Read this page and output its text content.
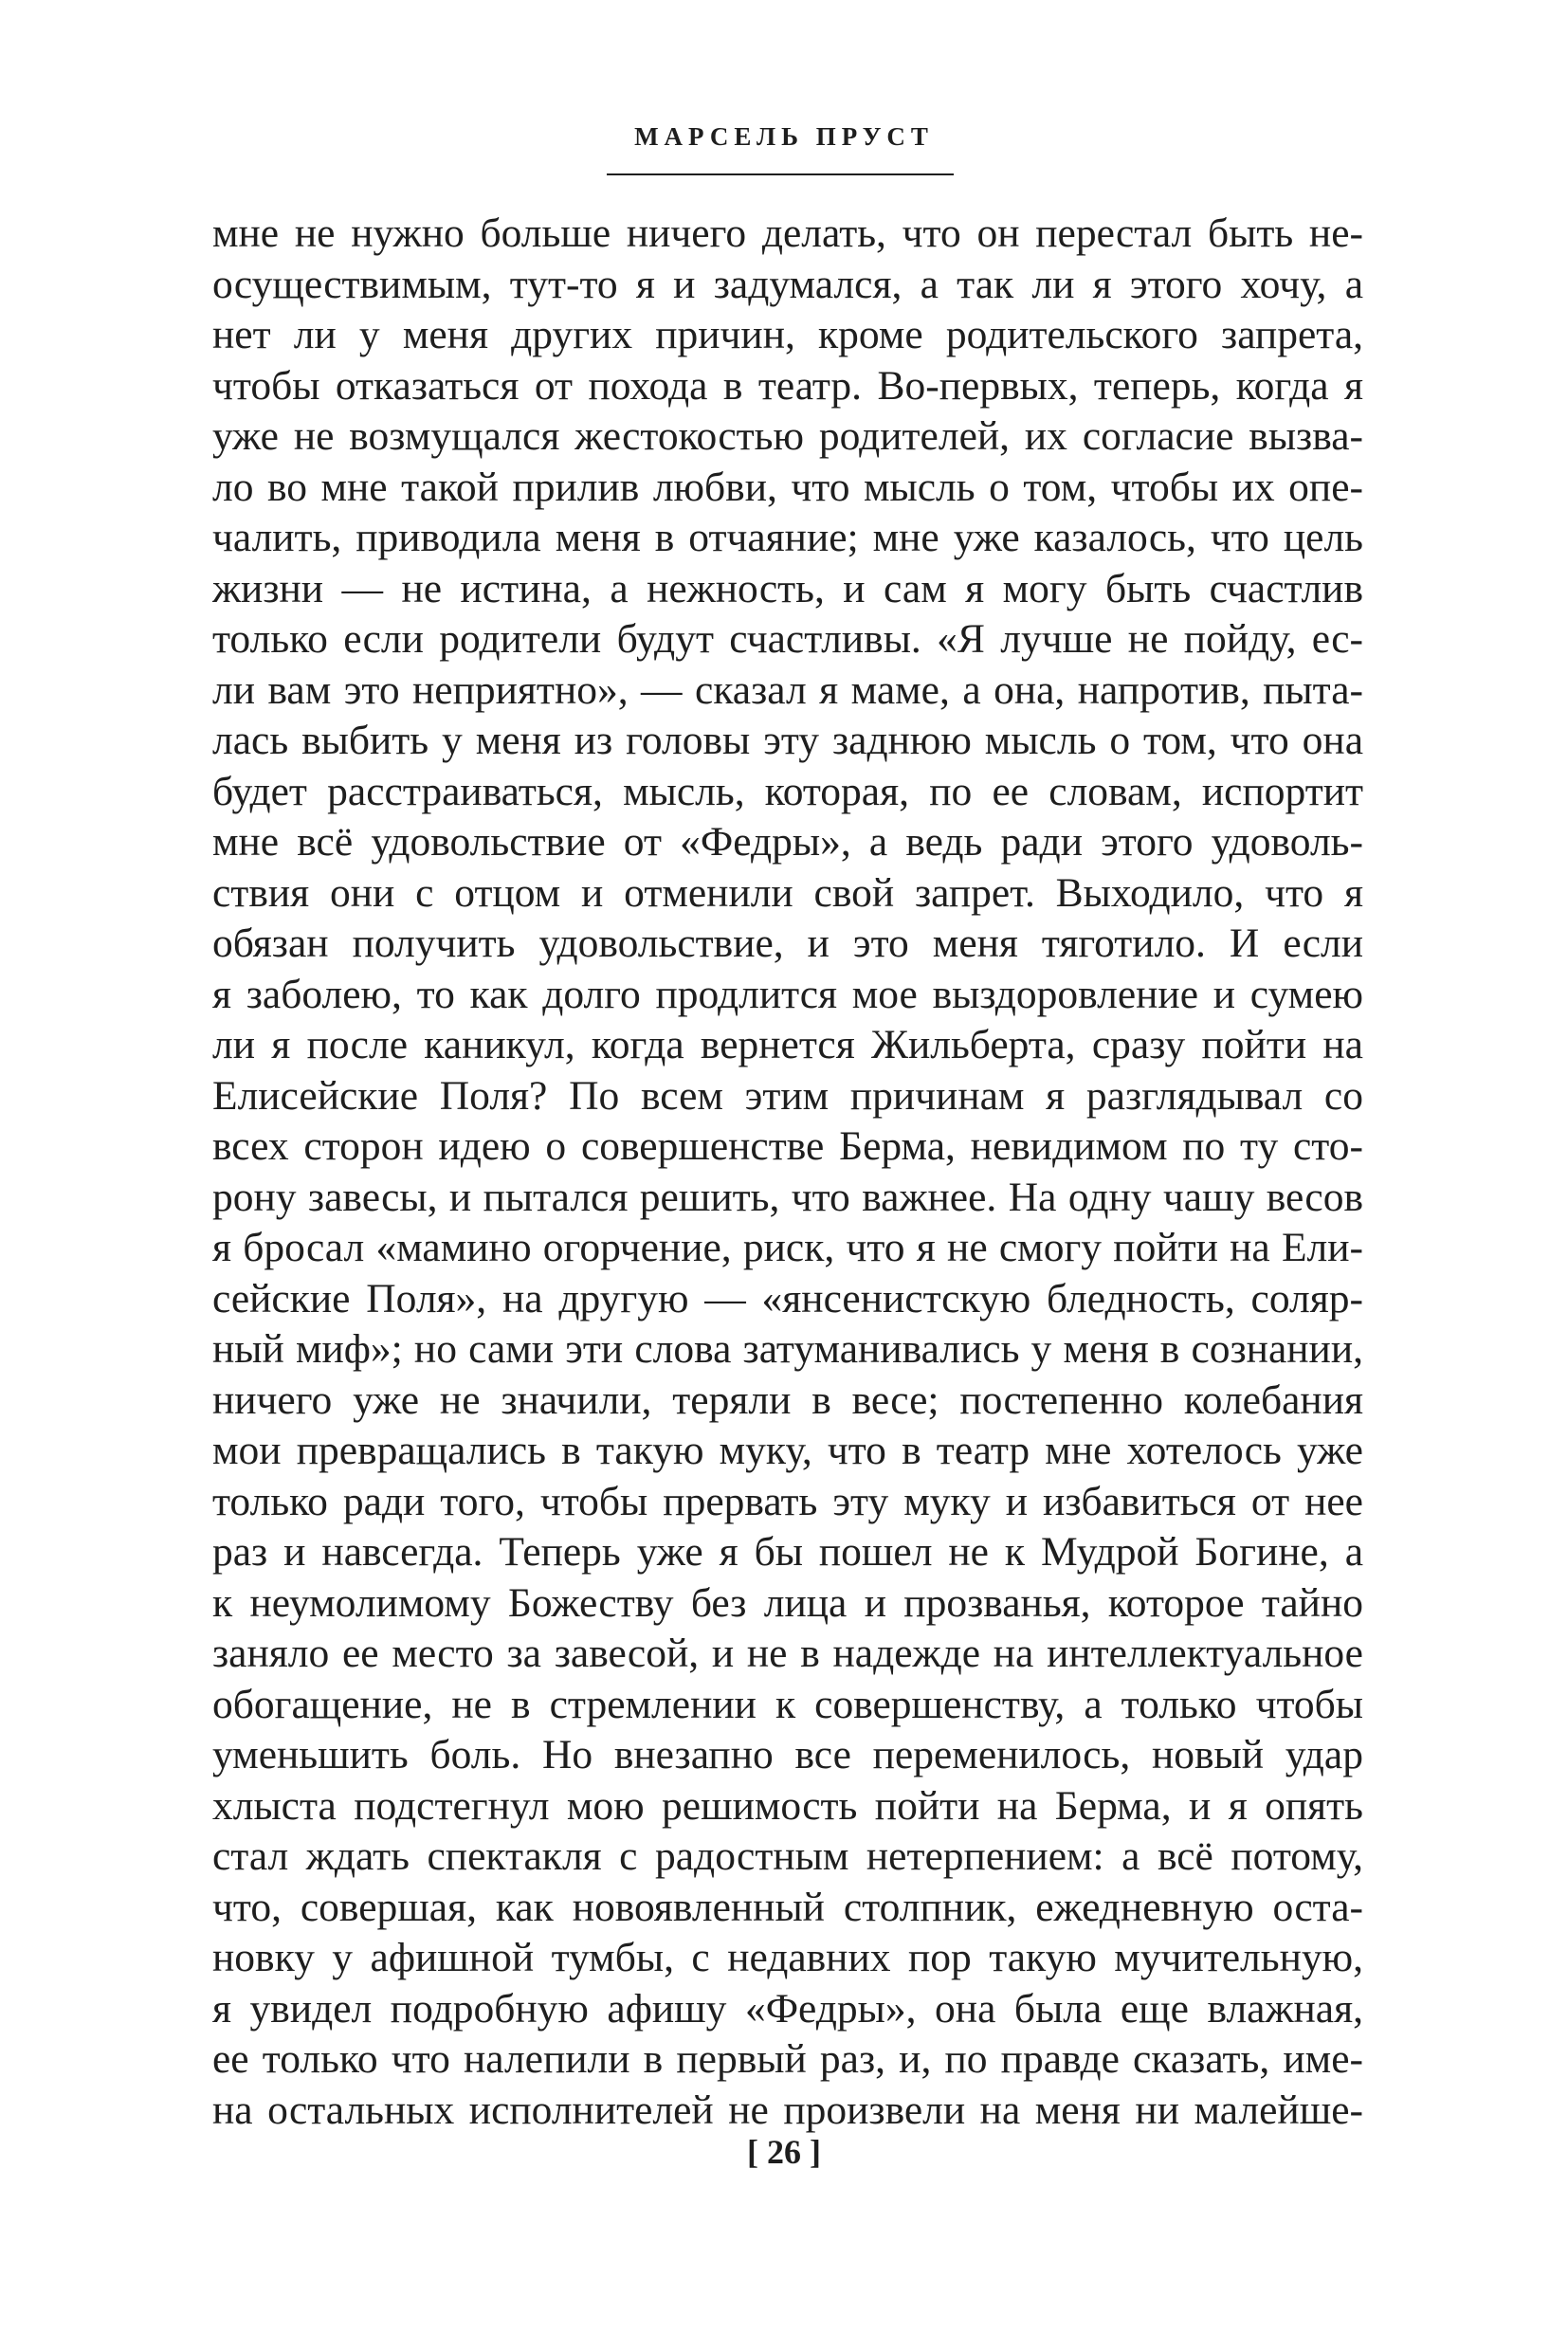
МАРСЕЛЬ ПРУСТ
мне не нужно больше ничего делать, что он перестал быть не-
осуществимым, тут-то я и задумался, а так ли я этого хочу, а
нет ли у меня других причин, кроме родительского запрета,
чтобы отказаться от похода в театр. Во-первых, теперь, когда я
уже не возмущался жестокостью родителей, их согласие вызва-
ло во мне такой прилив любви, что мысль о том, чтобы их опе-
чалить, приводила меня в отчаяние; мне уже казалось, что цель
жизни — не истина, а нежность, и сам я могу быть счастлив
только если родители будут счастливы. «Я лучше не пойду, ес-
ли вам это неприятно», — сказал я маме, а она, напротив, пыта-
лась выбить у меня из головы эту заднюю мысль о том, что она
будет расстраиваться, мысль, которая, по ее словам, испортит
мне всё удовольствие от «Федры», а ведь ради этого удоволь-
ствия они с отцом и отменили свой запрет. Выходило, что я
обязан получить удовольствие, и это меня тяготило. И если
я заболею, то как долго продлится мое выздоровление и сумею
ли я после каникул, когда вернется Жильберта, сразу пойти на
Елисейские Поля? По всем этим причинам я разглядывал со
всех сторон идею о совершенстве Берма, невидимом по ту сто-
рону завесы, и пытался решить, что важнее. На одну чашу весов
я бросал «мамино огорчение, риск, что я не смогу пойти на Ели-
сейские Поля», на другую — «янсенистскую бледность, соляр-
ный миф»; но сами эти слова затуманивались у меня в сознании,
ничего уже не значили, теряли в весе; постепенно колебания
мои превращались в такую муку, что в театр мне хотелось уже
только ради того, чтобы прервать эту муку и избавиться от нее
раз и навсегда. Теперь уже я бы пошел не к Мудрой Богине, а
к неумолимому Божеству без лица и прозванья, которое тайно
заняло ее место за завесой, и не в надежде на интеллектуальное
обогащение, не в стремлении к совершенству, а только чтобы
уменьшить боль. Но внезапно все переменилось, новый удар
хлыста подстегнул мою решимость пойти на Берма, и я опять
стал ждать спектакля с радостным нетерпением: а всё потому,
что, совершая, как новоявленный столпник, ежедневную оста-
новку у афишной тумбы, с недавних пор такую мучительную,
я увидел подробную афишу «Федры», она была еще влажная,
ее только что налепили в первый раз, и, по правде сказать, име-
на остальных исполнителей не произвели на меня ни малейше-
[ 26 ]
